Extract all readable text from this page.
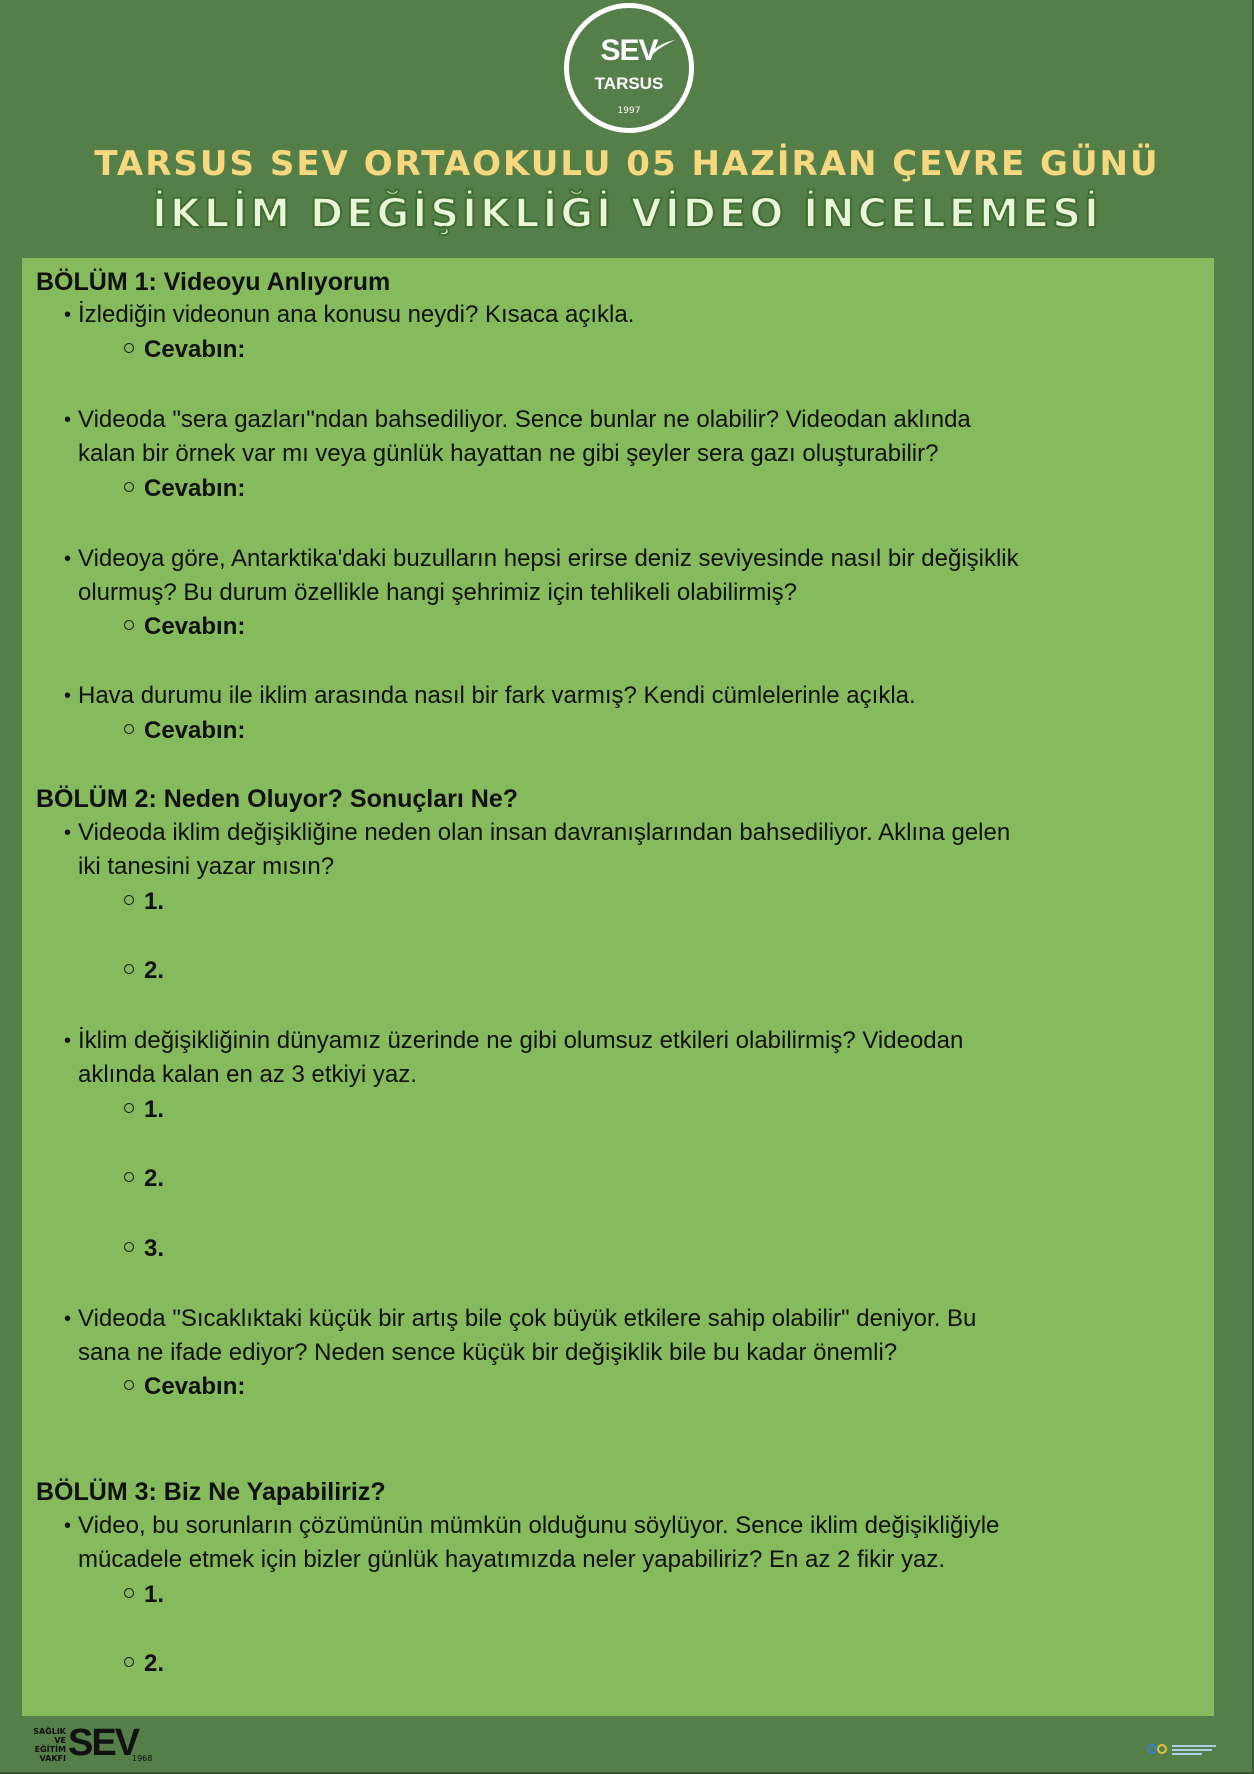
SEV
TARSUS
1997
TARSUS SEV ORTAOKULU 05 HAZİRAN ÇEVRE GÜNÜ
İKLİM DEĞİŞİKLİĞİ VİDEO İNCELEMESİ
BÖLÜM 1: Videoyu Anlıyorum
• İzlediğin videonun ana konusu neydi? Kısaca açıkla.
Cevabın:
• Videoda "sera gazları"ndan bahsediliyor. Sence bunlar ne olabilir? Videodan aklında
kalan bir örnek var mı veya günlük hayattan ne gibi şeyler sera gazı oluşturabilir?
Cevabın:
• Videoya göre, Antarktika'daki buzulların hepsi erirse deniz seviyesinde nasıl bir değişiklik
olurmuş? Bu durum özellikle hangi şehrimiz için tehlikeli olabilirmiş?
Cevabın:
• Hava durumu ile iklim arasında nasıl bir fark varmış? Kendi cümlelerinle açıkla.
Cevabın:
BÖLÜM 2: Neden Oluyor? Sonuçları Ne?
• Videoda iklim değişikliğine neden olan insan davranışlarından bahsediliyor. Aklına gelen
iki tanesini yazar mısın?
1.
2.
• İklim değişikliğinin dünyamız üzerinde ne gibi olumsuz etkileri olabilirmiş? Videodan
aklında kalan en az 3 etkiyi yaz.
1.
2.
3.
• Videoda "Sıcaklıktaki küçük bir artış bile çok büyük etkilere sahip olabilir" deniyor. Bu
sana ne ifade ediyor? Neden sence küçük bir değişiklik bile bu kadar önemli?
Cevabın:
BÖLÜM 3: Biz Ne Yapabiliriz?
• Video, bu sorunların çözümünün mümkün olduğunu söylüyor. Sence iklim değişikliğiyle
mücadele etmek için bizler günlük hayatımızda neler yapabiliriz? En az 2 fikir yaz.
1.
2.
SAĞLIK VE
EĞİTİM
VAKFI SEV
1968
